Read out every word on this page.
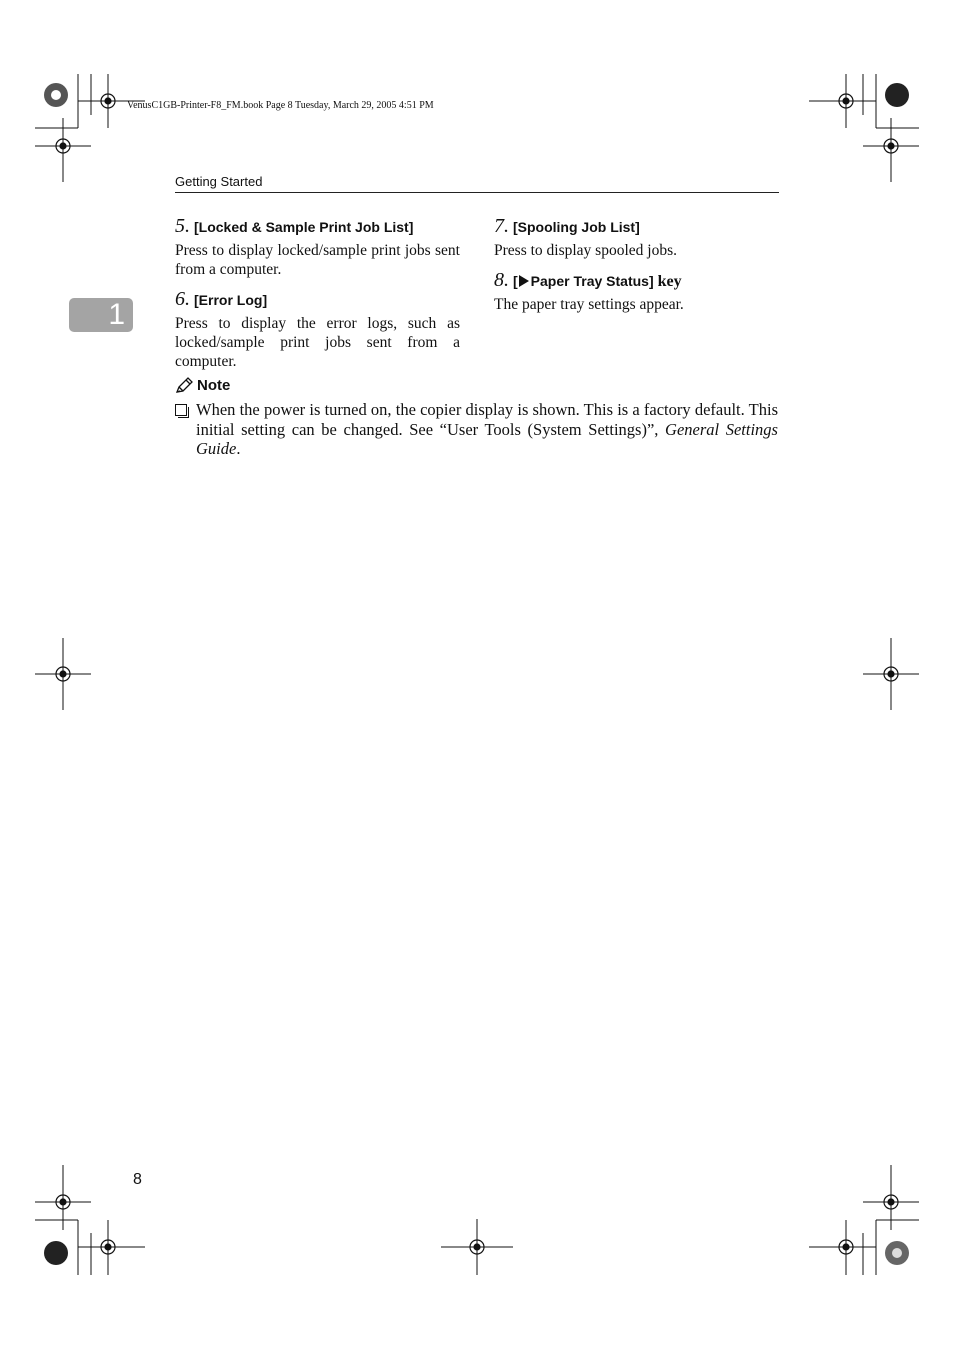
VenusC1GB-Printer-F8_FM.book Page 8 Tuesday, March 29, 2005 4:51 PM
Getting Started
1

5. [Locked & Sample Print Job List]

Press to display locked/sample print jobs sent from a computer.

6. [Error Log]

Press to display the error logs, such as locked/sample print jobs sent from a computer.

7. [Spooling Job List]

Press to display spooled jobs.

8. [ Paper Tray Status] key

The paper tray settings appear.

Note
When the power is turned on, the copier display is shown. This is a factory default. This initial setting can be changed. See “User Tools (System Settings)”, General Settings Guide.
8
